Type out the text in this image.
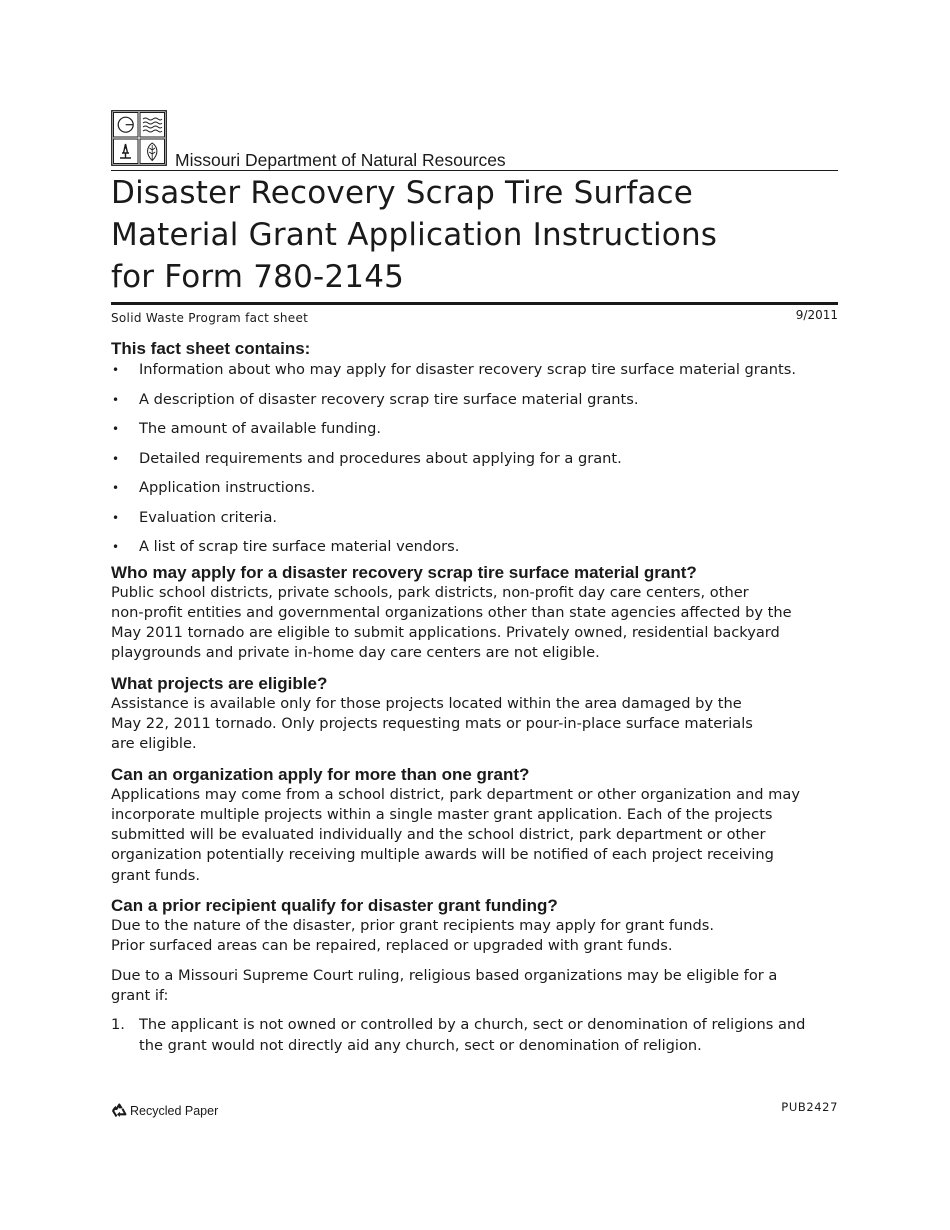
Missouri Department of Natural Resources
Disaster Recovery Scrap Tire Surface
Material Grant Application Instructions
for Form 780-2145
Solid Waste Program fact sheet	9/2011
This fact sheet contains:
• Information about who may apply for disaster recovery scrap tire surface material grants.
• A description of disaster recovery scrap tire surface material grants.
• The amount of available funding.
• Detailed requirements and procedures about applying for a grant.
• Application instructions.
• Evaluation criteria.
• A list of scrap tire surface material vendors.
Who may apply for a disaster recovery scrap tire surface material grant?

Public school districts, private schools, park districts, non-profit day care centers, other
non-profit entities and governmental organizations other than state agencies affected by the
May 2011 tornado are eligible to submit applications. Privately owned, residential backyard
playgrounds and private in-home day care centers are not eligible.

What projects are eligible?

Assistance is available only for those projects located within the area damaged by the
May 22, 2011 tornado. Only projects requesting mats or pour-in-place surface materials
are eligible.

Can an organization apply for more than one grant?

Applications may come from a school district, park department or other organization and may
incorporate multiple projects within a single master grant application. Each of the projects
submitted will be evaluated individually and the school district, park department or other
organization potentially receiving multiple awards will be notified of each project receiving
grant funds.

Can a prior recipient qualify for disaster grant funding?

Due to the nature of the disaster, prior grant recipients may apply for grant funds.
Prior surfaced areas can be repaired, replaced or upgraded with grant funds.

Due to a Missouri Supreme Court ruling, religious based organizations may be eligible for a
grant if:

1. The applicant is not owned or controlled by a church, sect or denomination of religions and
the grant would not directly aid any church, sect or denomination of religion.
Recycled Paper	PUB2427
